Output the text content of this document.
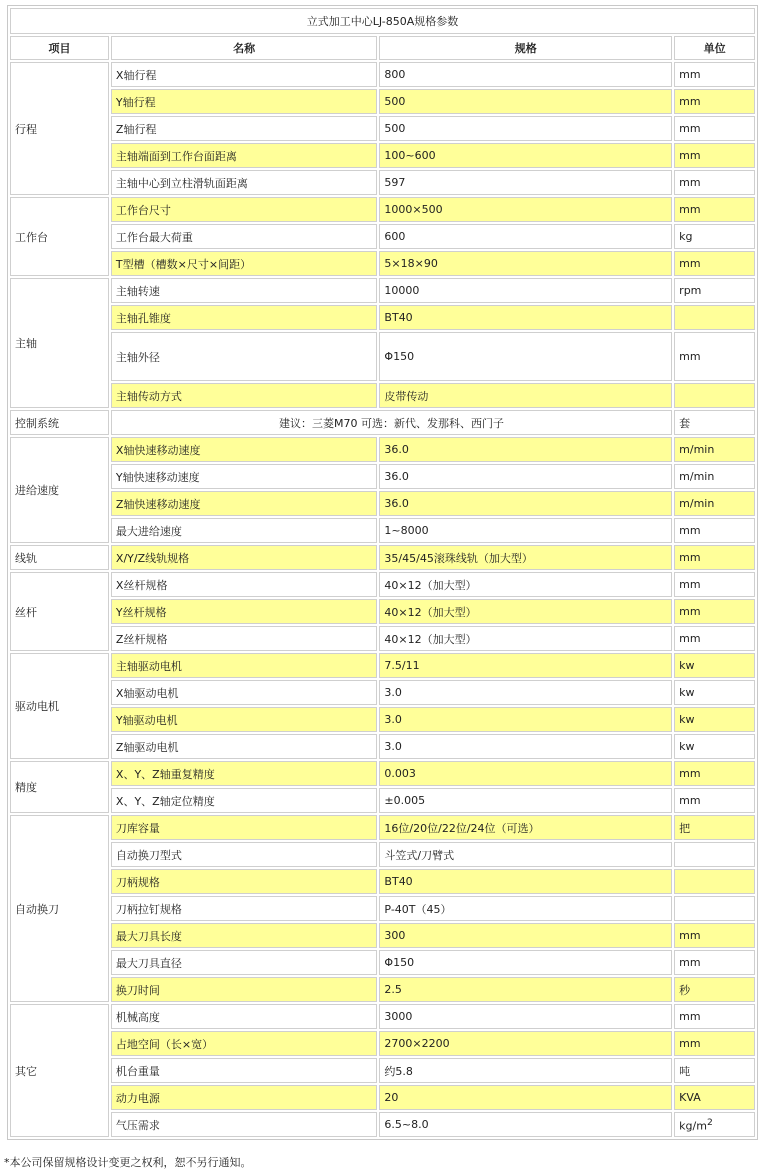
立式加工中心LJ-850A规格参数			
项目	名称	规格	单位
行程	X轴行程	800	mm
	Y轴行程	500	mm
	Z轴行程	500	mm
	主轴端面到工作台面距离	100~600	mm
	主轴中心到立柱滑轨面距离	597	mm
工作台	工作台尺寸	1000×500	mm
	工作台最大荷重	600	kg
	T型槽（槽数×尺寸×间距）	5×18×90	mm
主轴	主轴转速	10000	rpm
	主轴孔锥度	BT40	
	主轴外径	Φ150	mm
	主轴传动方式	皮带传动	
控制系统	建议：三菱M70 可选：新代、发那科、西门子		套
进给速度	X轴快速移动速度	36.0	m/min
	Y轴快速移动速度	36.0	m/min
	Z轴快速移动速度	36.0	m/min
	最大进给速度	1~8000	mm
线轨	X/Y/Z线轨规格	35/45/45滚珠线轨（加大型）	mm
丝杆	X丝杆规格	40×12（加大型）	mm
	Y丝杆规格	40×12（加大型）	mm
	Z丝杆规格	40×12（加大型）	mm
驱动电机	主轴驱动电机	7.5/11	kw
	X轴驱动电机	3.0	kw
	Y轴驱动电机	3.0	kw
	Z轴驱动电机	3.0	kw
精度	X、Y、Z轴重复精度	0.003	mm
	X、Y、Z轴定位精度	±0.005	mm
自动换刀	刀库容量	16位/20位/22位/24位（可选）	把
	自动换刀型式	斗笠式/刀臂式	
	刀柄规格	BT40	
	刀柄拉钉规格	P-40T（45）	
	最大刀具长度	300	mm
	最大刀具直径	Φ150	mm
	换刀时间	2.5	秒
其它	机械高度	3000	mm
	占地空间（长×宽）	2700×2200	mm
	机台重量	约5.8	吨
	动力电源	20	KVA
	气压需求	6.5~8.0	$kg/m^2$
*本公司保留规格设计变更之权利，恕不另行通知。
